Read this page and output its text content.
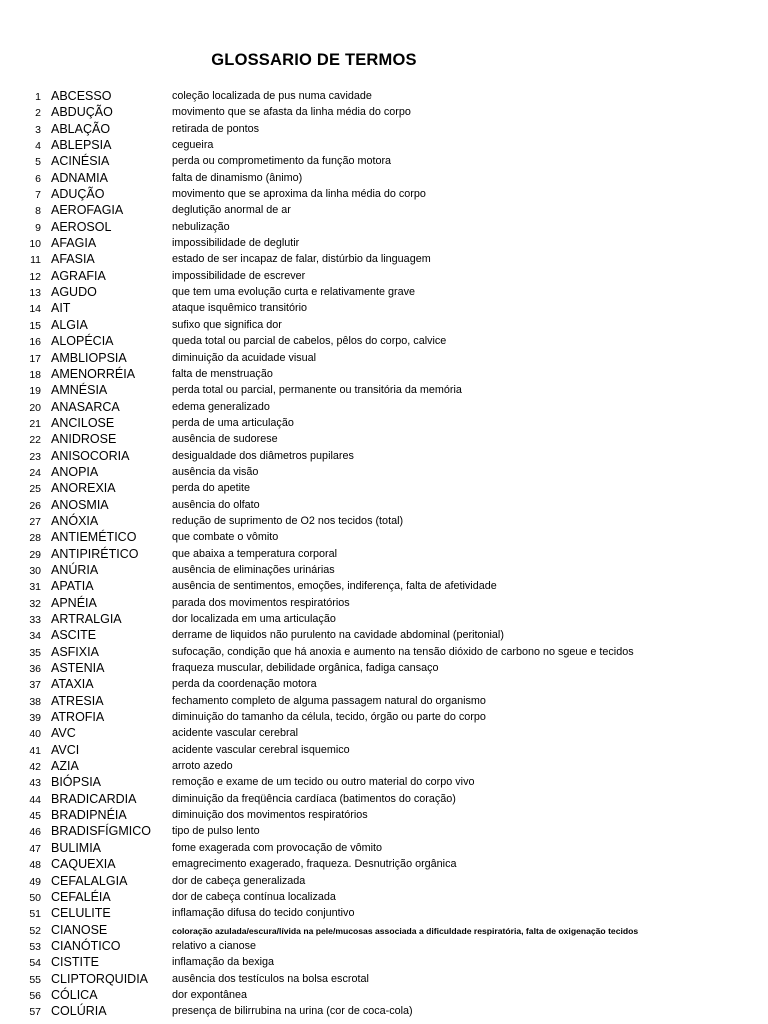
GLOSSARIO DE TERMOS
1 ABCESSO	coleção localizada de pus numa cavidade
2 ABDUÇÃO	movimento que se afasta da linha média do corpo
3 ABLAÇÃO	retirada de pontos
4 ABLEPSIA	cegueira
5 ACINÉSIA	perda ou comprometimento da função motora
6 ADNAMIA	falta de dinamismo (ânimo)
7 ADUÇÃO	movimento que se aproxima da linha média do corpo
8 AEROFAGIA	deglutição anormal de ar
9 AEROSOL	nebulização
10 AFAGIA	impossibilidade de deglutir
11 AFASIA	estado de ser incapaz de falar, distúrbio da linguagem
12 AGRAFIA	impossibilidade de escrever
13 AGUDO	que tem uma evolução curta e relativamente grave
14 AIT	ataque isquêmico transitório
15 ALGIA	sufixo que significa dor
16 ALOPÉCIA	queda total ou parcial de cabelos, pêlos do corpo, calvice
17 AMBLIOPSIA	diminuição da acuidade visual
18 AMENORRÉIA	falta de menstruação
19 AMNÉSIA	perda total ou parcial, permanente ou transitória da memória
20 ANASARCA	edema generalizado
21 ANCILOSE	perda de uma articulação
22 ANIDROSE	ausência de sudorese
23 ANISOCORIA	desigualdade dos diâmetros pupilares
24 ANOPIA	ausência da visão
25 ANOREXIA	perda do apetite
26 ANOSMIA	ausência do olfato
27 ANÓXIA	redução de suprimento de O2 nos tecidos (total)
28 ANTIEMÉTICO	que combate o vômito
29 ANTIPIRÉTICO	que abaixa a temperatura corporal
30 ANÚRIA	ausência de eliminações urinárias
31 APATIA	ausência de sentimentos, emoções, indiferença, falta de afetividade
32 APNÉIA	parada dos movimentos respiratórios
33 ARTRALGIA	dor localizada em uma articulação
34 ASCITE	derrame de liquidos não purulento na cavidade abdominal (peritonial)
35 ASFIXIA	sufocação, condição que há anoxia e aumento na tensão dióxido de carbono no sgeue e tecidos
36 ASTENIA	fraqueza muscular, debilidade orgânica, fadiga cansaço
37 ATAXIA	perda da coordenação motora
38 ATRESIA	fechamento completo de alguma passagem natural do organismo
39 ATROFIA	diminuição do tamanho da célula, tecido, órgão ou parte do corpo
40 AVC	acidente vascular cerebral
41 AVCI	acidente vascular cerebral isquemico
42 AZIA	arroto azedo
43 BIÓPSIA	remoção e exame de um tecido ou outro material do corpo vivo
44 BRADICARDIA	diminuição da freqüência cardíaca (batimentos do coração)
45 BRADIPNÉIA	diminuição dos movimentos respiratórios
46 BRADISFÍGMICO tipo de pulso lento
47 BULIMIA	fome exagerada com provocação de vômito
48 CAQUEXIA	emagrecimento exagerado, fraqueza. Desnutrição orgânica
49 CEFALALGIA	dor de cabeça generalizada
50 CEFALÉIA	dor de cabeça contínua localizada
51 CELULITE	inflamação difusa do tecido conjuntivo
52 CIANOSE	coloração azulada/escura/lívida na pele/mucosas associada a dificuldade respiratória, falta de oxigenação tecidos
53 CIANÓTICO	relativo a cianose
54 CISTITE	inflamação da bexiga
55 CLIPTORQUIDIA ausência dos testículos na bolsa escrotal
56 CÓLICA	dor expontânea
57 COLÚRIA	presença de bilirrubina na urina (cor de coca-cola)
